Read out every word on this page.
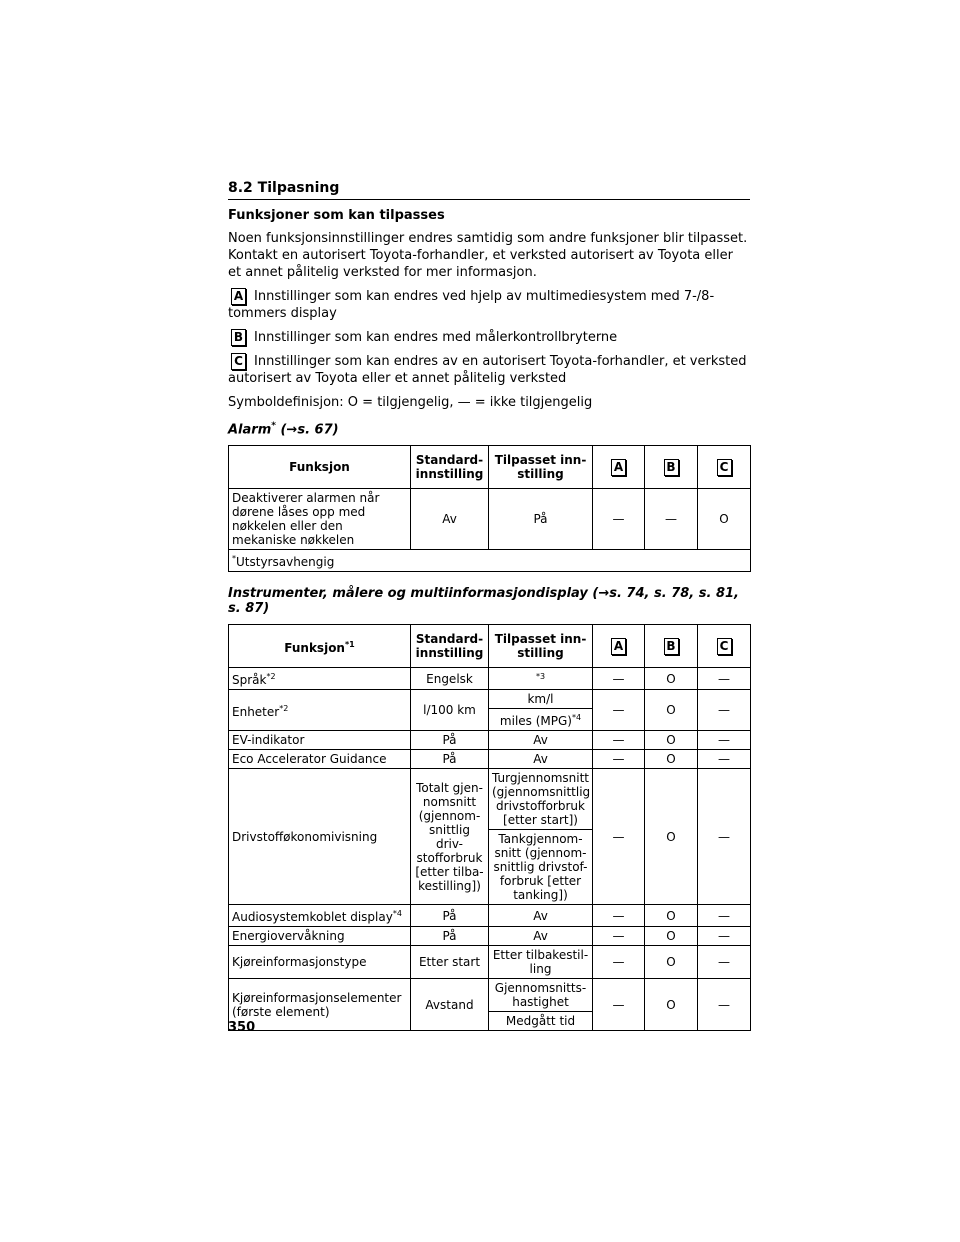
8.2 Tilpasning
Funksjoner som kan tilpasses

Noen funksjonsinnstillinger endres samtidig som andre funksjoner blir tilpasset. Kontakt en autorisert Toyota-forhandler, et verksted autorisert av Toyota eller et annet pålitelig verksted for mer informasjon.

A Innstillinger som kan endres ved hjelp av multimediesystem med 7-/8-tommers display

B Innstillinger som kan endres med målerkontrollbryterne

C Innstillinger som kan endres av en autorisert Toyota-forhandler, et verksted autorisert av Toyota eller et annet pålitelig verksted

Symboldefinisjon: O = tilgjengelig, — = ikke tilgjengelig

Alarm* (→s. 67)
Funksjon	Standard-innstilling	Tilpasset inn-stilling	A	B	C
Deaktiverer alarmen når dørene låses opp med nøkkelen eller den mekaniske nøkkelen	Av	På	—	—	O
*Utstyrsavhengig					
Instrumenter, målere og multiinformasjondisplay (→s. 74, s. 78, s. 81, s. 87)
Funksjon$^{*1}$	Standard-innstilling	Tilpasset inn-stilling	A	B	C
Språk$^{*2}$	Engelsk	$^{*3}$	—	O	—
Enheter$^{*2}$	l/100 km	km/l	—	O	—
		miles (MPG)$^{*4}$
EV-indikator	På	Av	—	O	—
Eco Accelerator Guidance	På	Av	—	O	—
Drivstofføkonomivisning	Totalt gjen-nomsnitt (gjennom-snittlig driv-stofforbruk [etter tilba-kestilling])	Turgjennomsnitt (gjennomsnittlig drivstofforbruk [etter start])	—	O	—
		Tankgjennom-snitt (gjennom-snittlig drivstof-forbruk [etter tanking])			
Audiosystemkoblet display$^{*4}$	På	Av	—	O	—
Energiovervåkning	På	Av	—	O	—
Kjøreinformasjonstype	Etter start	Etter tilbakestil-ling	—	O	—
Kjøreinformasjonselementer (første element)	Avstand	Gjennomsnitts-hastighet	—	O	—
		Medgått tid			
350
